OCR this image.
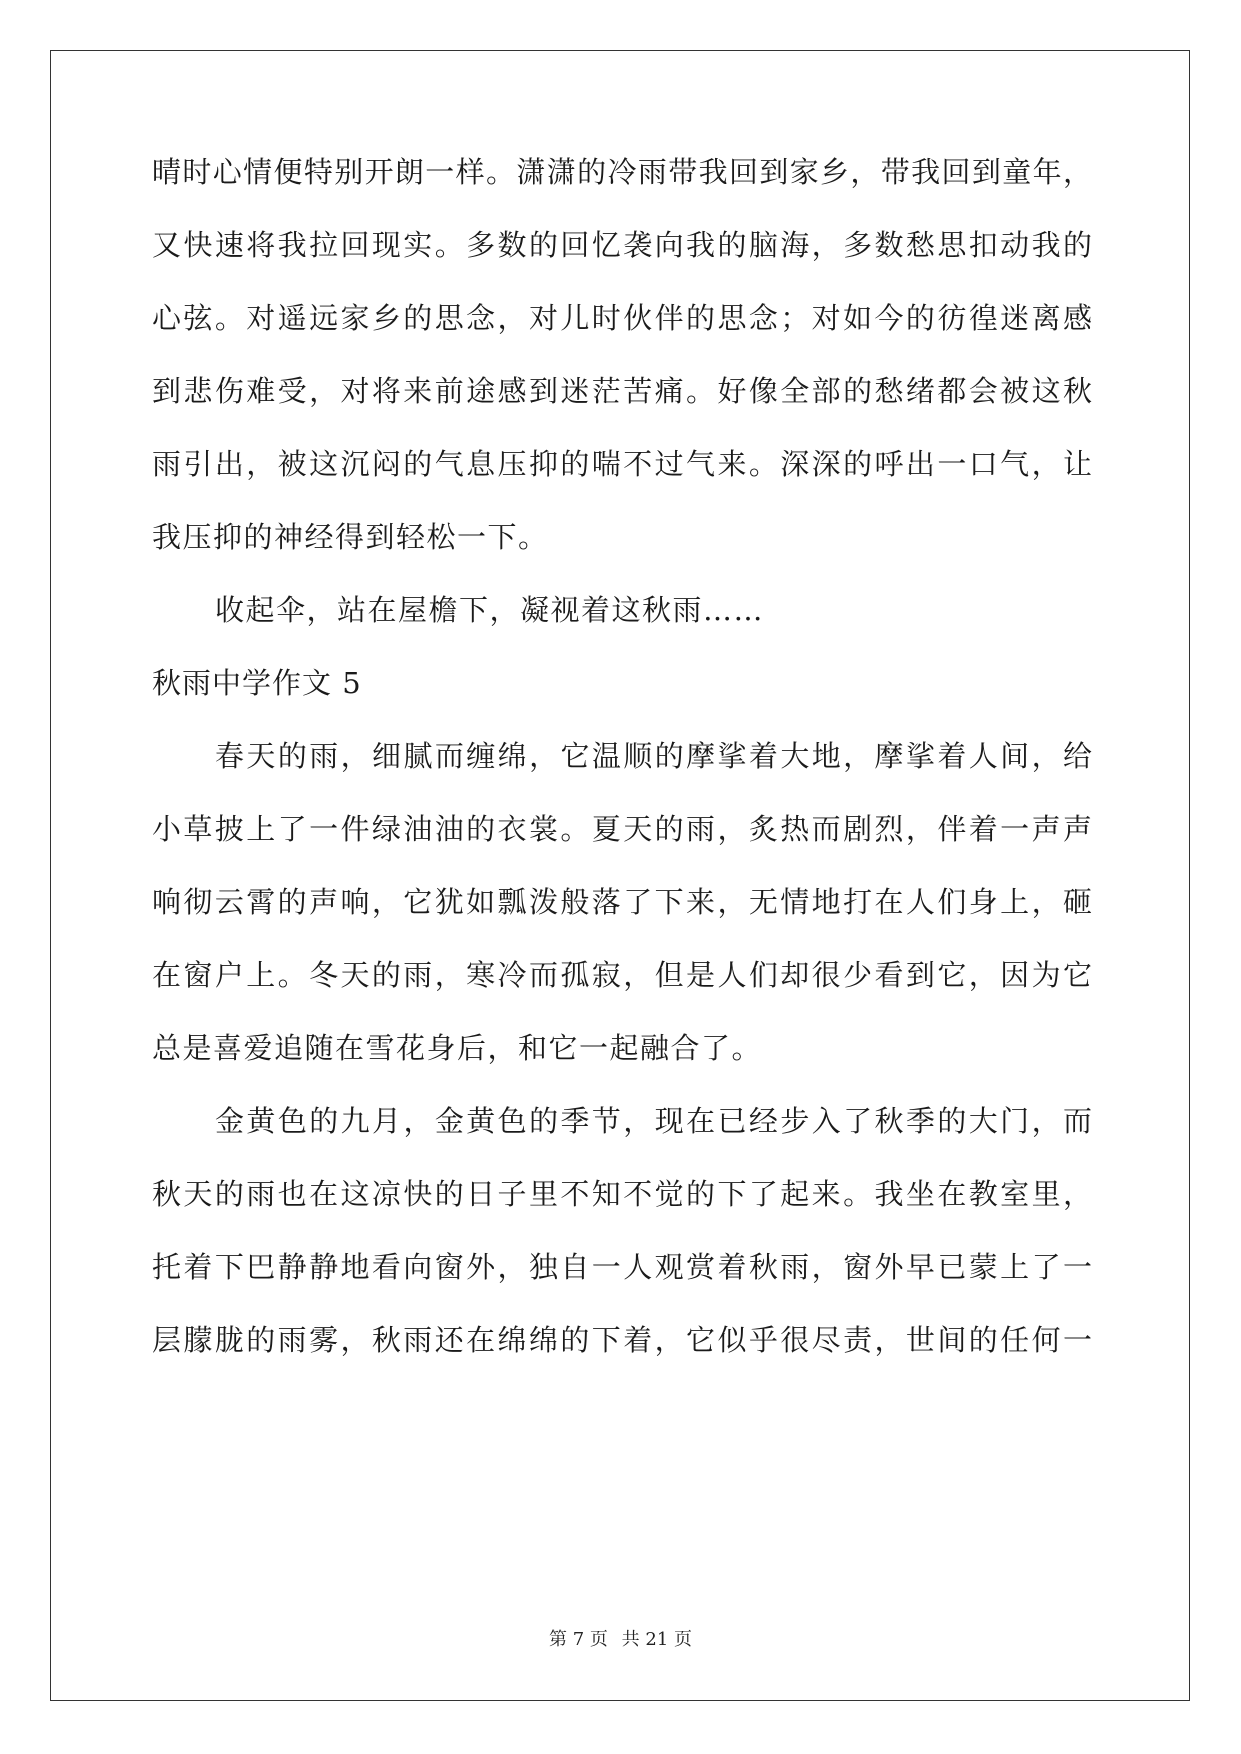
晴时心情便特别开朗一样。潇潇的冷雨带我回到家乡，带我回到童年，
又快速将我拉回现实。多数的回忆袭向我的脑海，多数愁思扣动我的
心弦。对遥远家乡的思念，对儿时伙伴的思念；对如今的彷徨迷离感
到悲伤难受，对将来前途感到迷茫苦痛。好像全部的愁绪都会被这秋
雨引出，被这沉闷的气息压抑的喘不过气来。深深的呼出一口气，让
我压抑的神经得到轻松一下。
收起伞，站在屋檐下，凝视着这秋雨……
秋雨中学作文 5
春天的雨，细腻而缠绵，它温顺的摩挲着大地，摩挲着人间，给
小草披上了一件绿油油的衣裳。夏天的雨，炙热而剧烈，伴着一声声
响彻云霄的声响，它犹如瓢泼般落了下来，无情地打在人们身上，砸
在窗户上。冬天的雨，寒冷而孤寂，但是人们却很少看到它，因为它
总是喜爱追随在雪花身后，和它一起融合了。
金黄色的九月，金黄色的季节，现在已经步入了秋季的大门，而
秋天的雨也在这凉快的日子里不知不觉的下了起来。我坐在教室里，
托着下巴静静地看向窗外，独自一人观赏着秋雨，窗外早已蒙上了一
层朦胧的雨雾，秋雨还在绵绵的下着，它似乎很尽责，世间的任何一
第 7 页 共 21 页
